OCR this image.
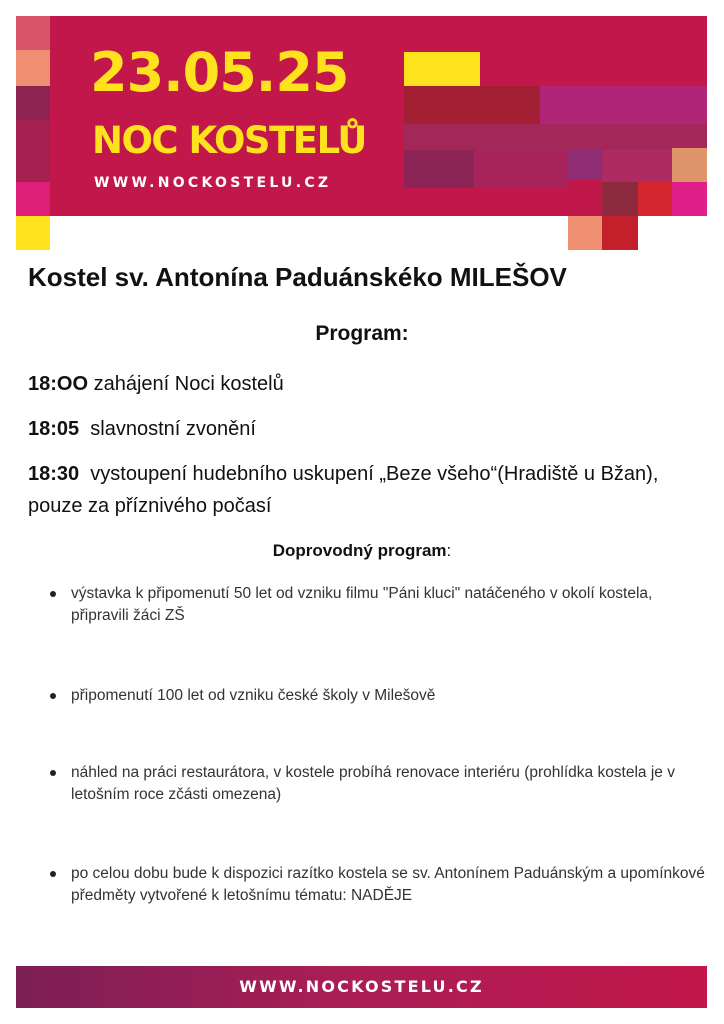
23.05.25
NOC KOSTELŮ
WWW.NOCKOSTELU.CZ
Kostel sv. Antonína Paduánskéko MILEŠOV
Program:
18:OO zahájení Noci kostelů
18:05  slavnostní zvonění
18:30  vystoupení hudebního uskupení „Beze všeho“(Hradiště u Bžan), pouze za příznivého počasí
Doprovodný program:
výstavka k připomenutí 50 let od vzniku filmu "Páni kluci" natáčeného v okolí kostela, připravili žáci ZŠ
připomenutí 100 let od vzniku české školy v Milešově
náhled na práci restaurátora, v kostele probíhá renovace interiéru (prohlídka kostela je v letošním roce zčásti omezena)
po celou dobu bude k dispozici razítko kostela se sv. Antonínem Paduánským a upomínkové předměty vytvořené k letošnímu tématu: NADĚJE
WWW.NOCKOSTELU.CZ
